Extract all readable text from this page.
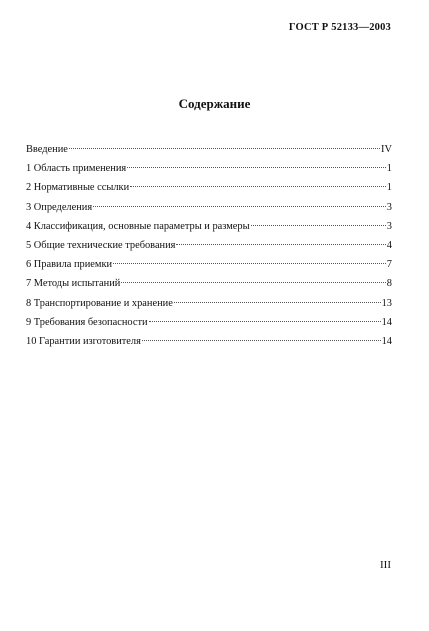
ГОСТ Р 52133—2003
Содержание
Введение	IV
1 Область применения	1
2 Нормативные ссылки	1
3 Определения	3
4 Классификация, основные параметры и размеры	3
5 Общие технические требования	4
6 Правила приемки	7
7 Методы испытаний	8
8 Транспортирование и хранение	13
9 Требования безопасности	14
10 Гарантии изготовителя	14
III
